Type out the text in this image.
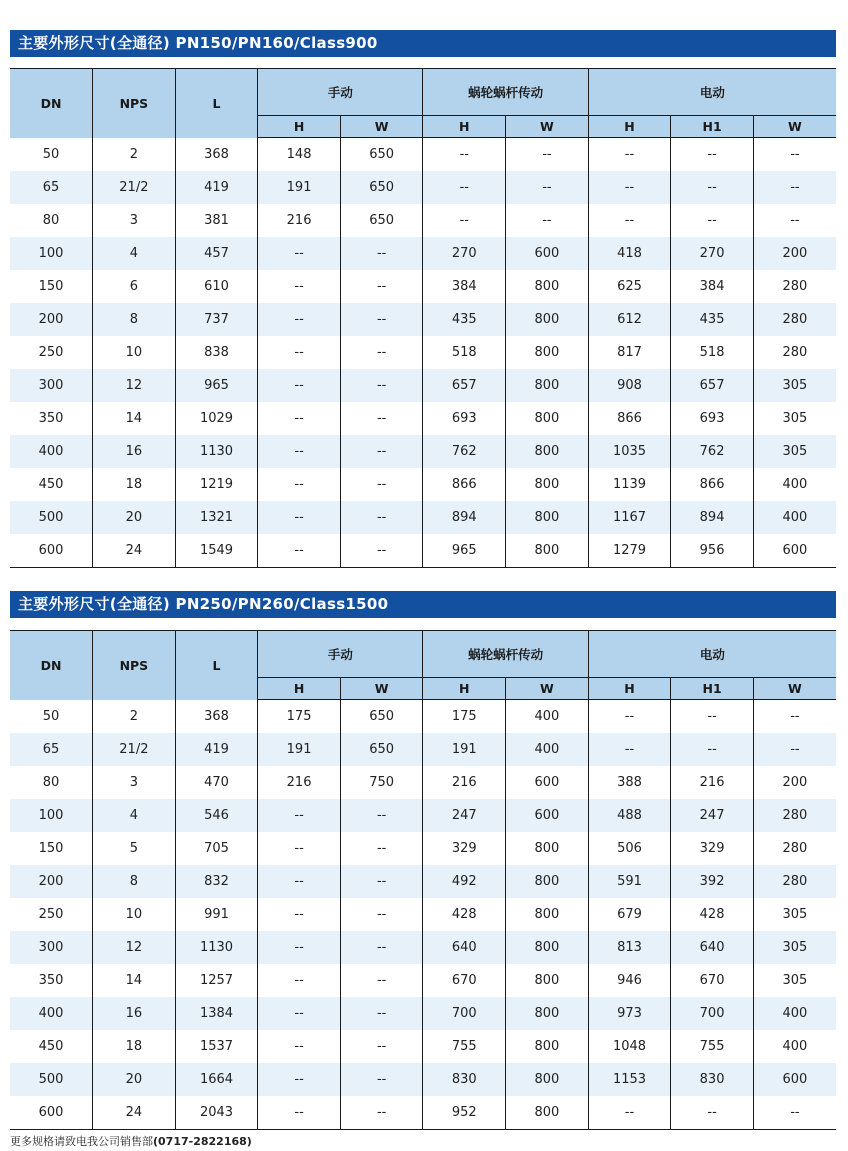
主要外形尺寸(全通径) PN150/PN160/Class900
DN	NPS	L	手动		蜗轮蜗杆传动		电动		
			H	W	H	W	H	H1	W
50	2	368	148	650	--	--	--	--	--
65	21/2	419	191	650	--	--	--	--	--
80	3	381	216	650	--	--	--	--	--
100	4	457	--	--	270	600	418	270	200
150	6	610	--	--	384	800	625	384	280
200	8	737	--	--	435	800	612	435	280
250	10	838	--	--	518	800	817	518	280
300	12	965	--	--	657	800	908	657	305
350	14	1029	--	--	693	800	866	693	305
400	16	1130	--	--	762	800	1035	762	305
450	18	1219	--	--	866	800	1139	866	400
500	20	1321	--	--	894	800	1167	894	400
600	24	1549	--	--	965	800	1279	956	600
主要外形尺寸(全通径) PN250/PN260/Class1500
DN	NPS	L	手动		蜗轮蜗杆传动		电动		
			H	W	H	W	H	H1	W
50	2	368	175	650	175	400	--	--	--
65	21/2	419	191	650	191	400	--	--	--
80	3	470	216	750	216	600	388	216	200
100	4	546	--	--	247	600	488	247	280
150	5	705	--	--	329	800	506	329	280
200	8	832	--	--	492	800	591	392	280
250	10	991	--	--	428	800	679	428	305
300	12	1130	--	--	640	800	813	640	305
350	14	1257	--	--	670	800	946	670	305
400	16	1384	--	--	700	800	973	700	400
450	18	1537	--	--	755	800	1048	755	400
500	20	1664	--	--	830	800	1153	830	600
600	24	2043	--	--	952	800	--	--	--
更多规格请致电我公司销售部(0717-2822168)
